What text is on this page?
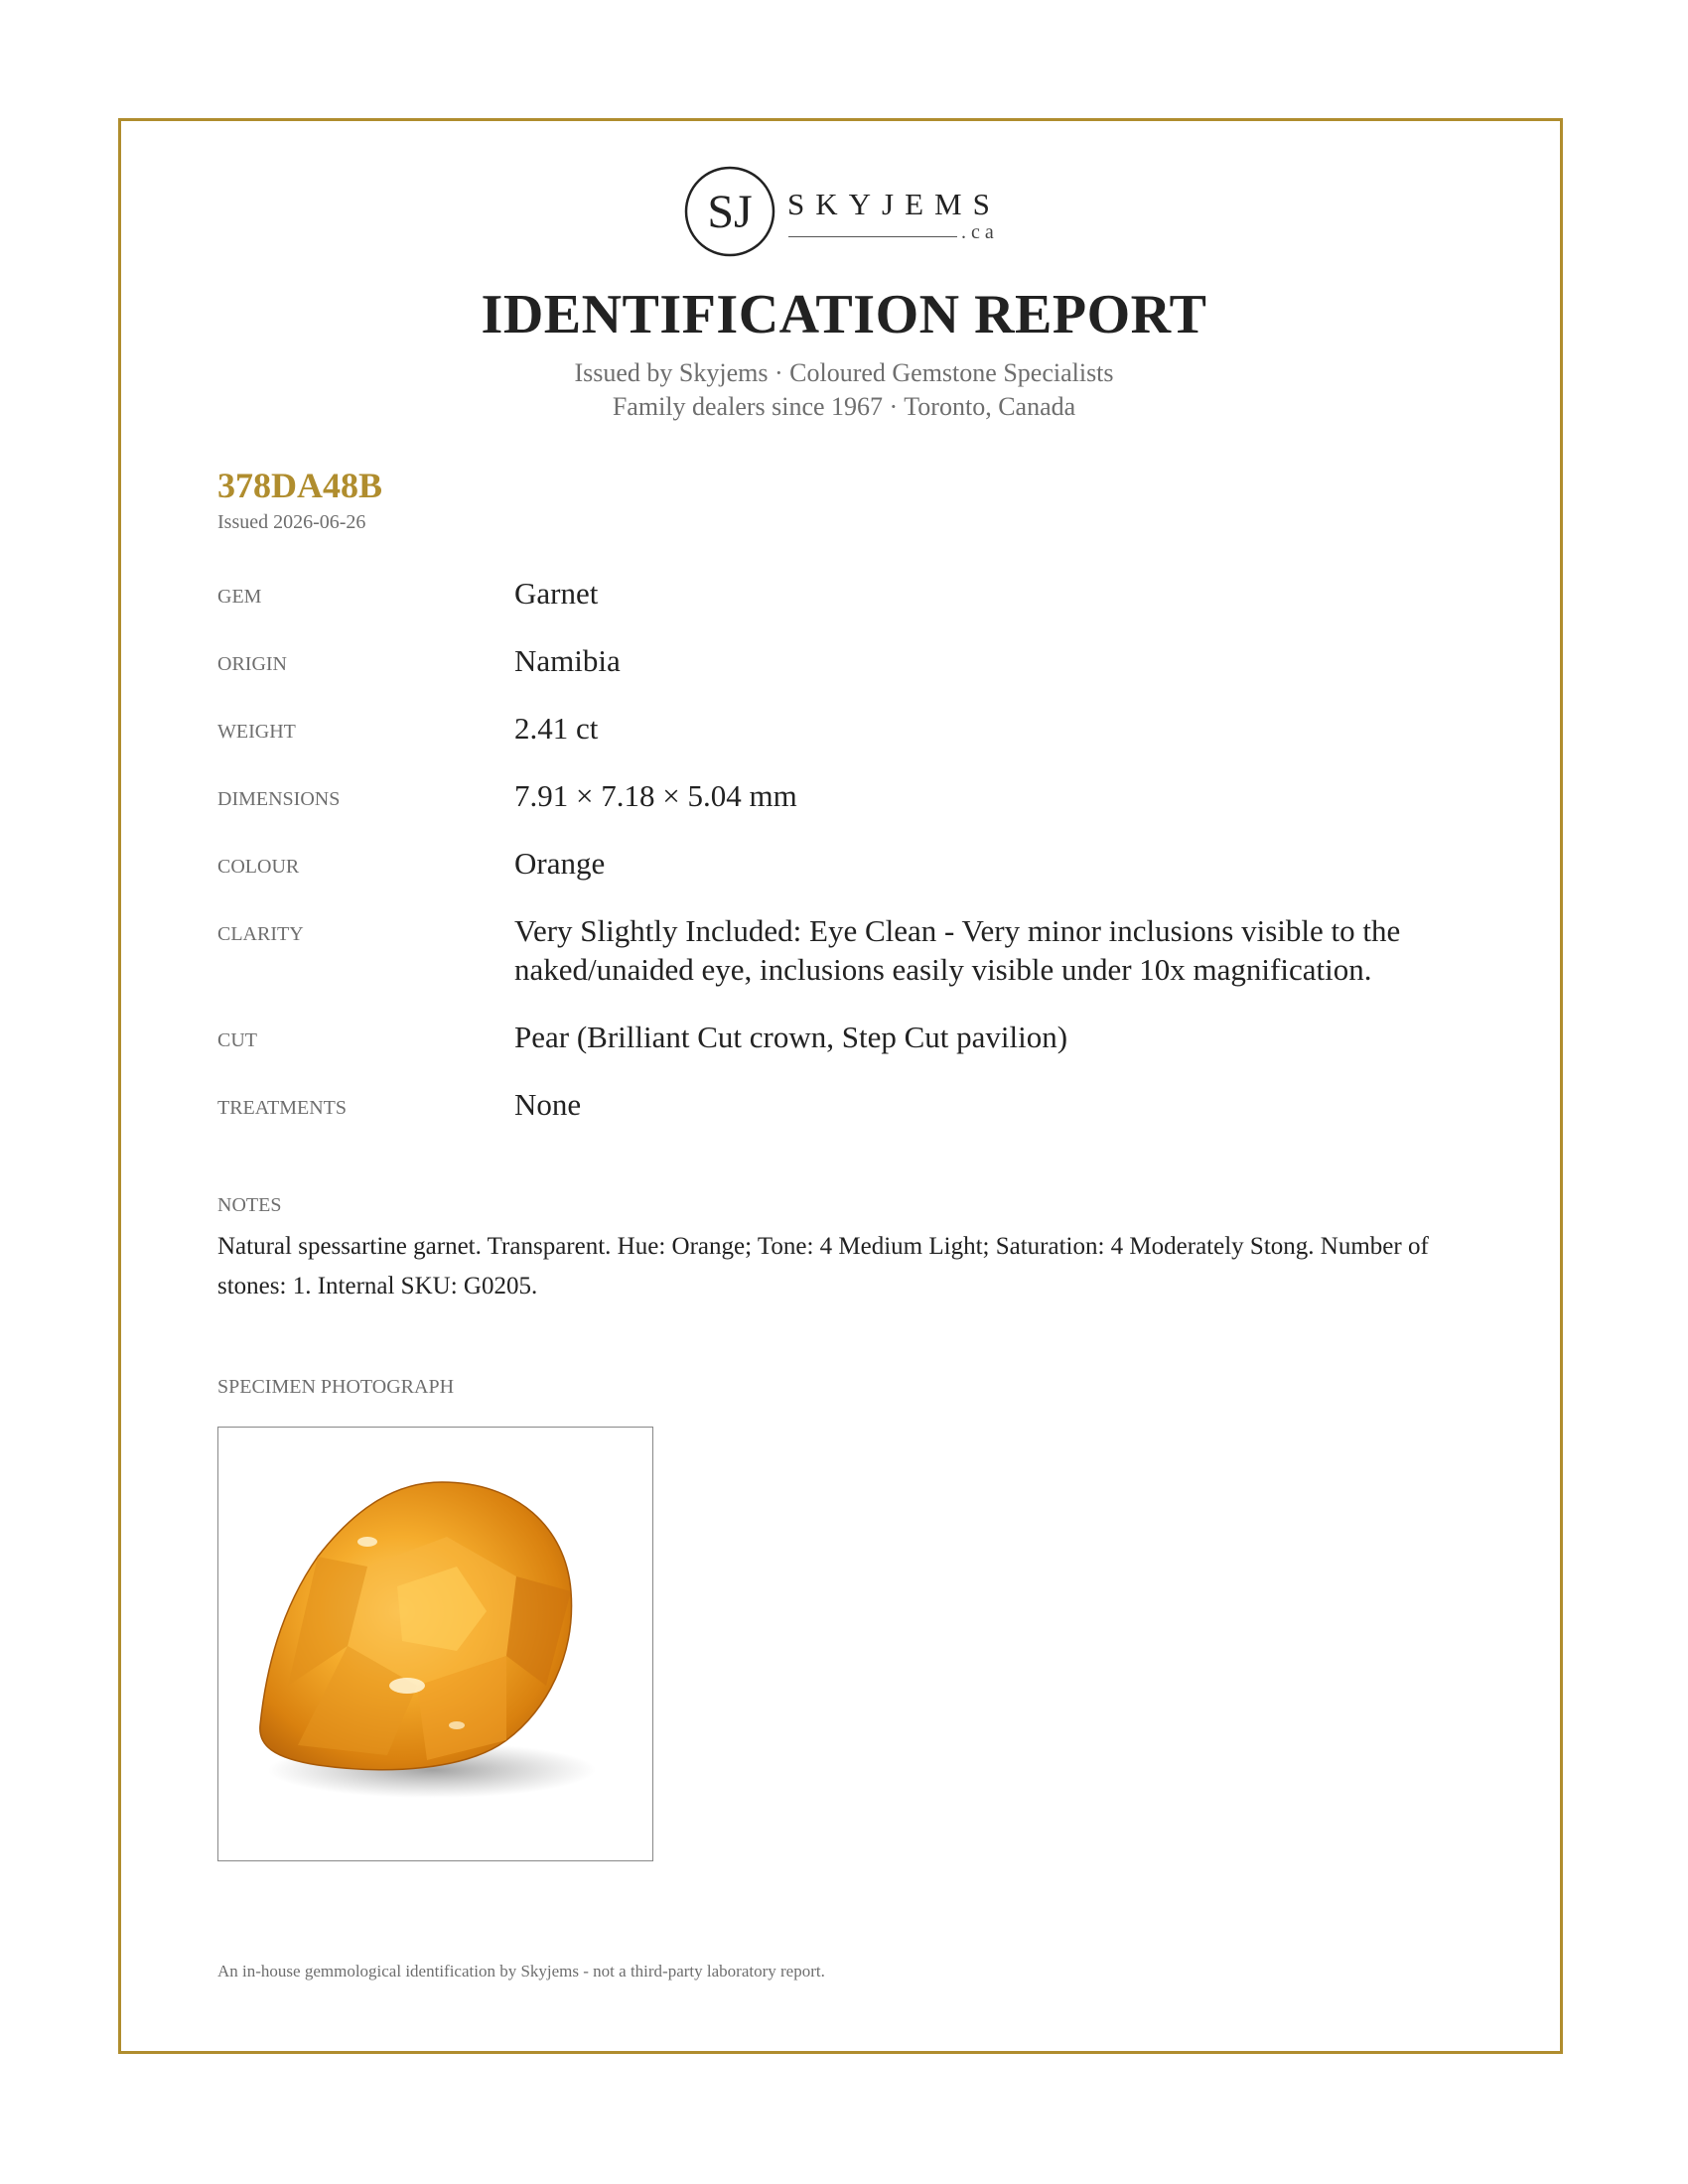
SJ SKYJEMS
.ca
IDENTIFICATION REPORT
Issued by Skyjems · Coloured Gemstone Specialists
Family dealers since 1967 · Toronto, Canada
378DA48B
Issued 2026-06-26
GEM	Garnet
ORIGIN	Namibia
WEIGHT	2.41 ct
DIMENSIONS	7.91 × 7.18 × 5.04 mm
COLOUR	Orange
CLARITY	Very Slightly Included: Eye Clean - Very minor inclusions visible to the naked/unaided eye, inclusions easily visible under 10x magnification.
CUT	Pear (Brilliant Cut crown, Step Cut pavilion)
TREATMENTS	None
NOTES
Natural spessartine garnet. Transparent. Hue: Orange; Tone: 4 Medium Light; Saturation: 4 Moderately Stong. Number of stones: 1. Internal SKU: G0205.
SPECIMEN PHOTOGRAPH
An in-house gemmological identification by Skyjems - not a third-party laboratory report.
